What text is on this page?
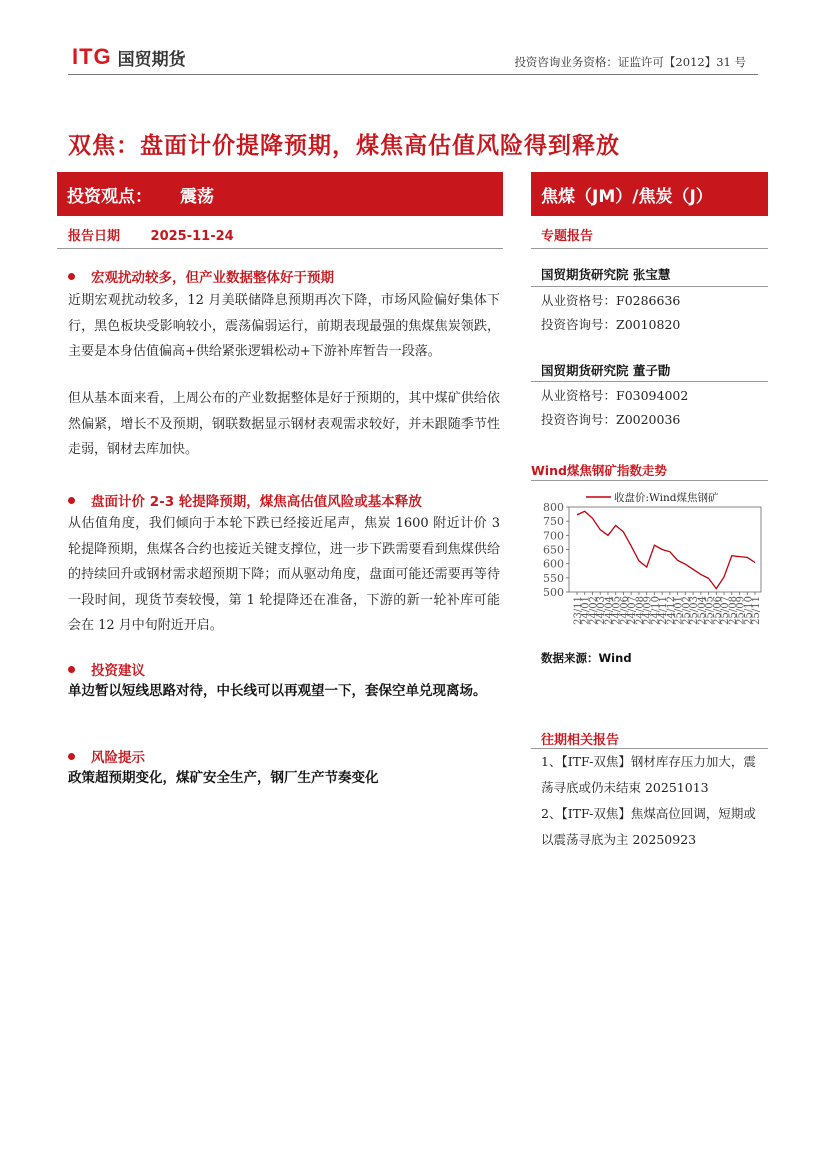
ITG 国贸期货	投资咨询业务资格：证监许可【2012】31 号
双焦：盘面计价提降预期，煤焦高估值风险得到释放
投资观点： 震荡	焦煤（JM）/焦炭（J）
报告日期 2025-11-24	专题报告
宏观扰动较多，但产业数据整体好于预期
近期宏观扰动较多，12 月美联储降息预期再次下降，市场风险偏好集体下行，黑色板块受影响较小，震荡偏弱运行，前期表现最强的焦煤焦炭领跌，主要是本身估值偏高+供给紧张逻辑松动+下游补库暂告一段落。
但从基本面来看，上周公布的产业数据整体是好于预期的，其中煤矿供给依然偏紧，增长不及预期，钢联数据显示钢材表观需求较好，并未跟随季节性走弱，钢材去库加快。
盘面计价 2-3 轮提降预期，煤焦高估值风险或基本释放
从估值角度，我们倾向于本轮下跌已经接近尾声，焦炭 1600 附近计价 3 轮提降预期，焦煤各合约也接近关键支撑位，进一步下跌需要看到焦煤供给的持续回升或钢材需求超预期下降；而从驱动角度，盘面可能还需要再等待一段时间，现货节奏较慢，第 1 轮提降还在准备，下游的新一轮补库可能会在 12 月中旬附近开启。
投资建议
单边暂以短线思路对待，中长线可以再观望一下，套保空单兑现离场。
风险提示
政策超预期变化，煤矿安全生产，钢厂生产节奏变化
国贸期货研究院 张宝慧
从业资格号：F0286636
投资咨询号：Z0010820
国贸期货研究院 董子勖
从业资格号：F03094002
投资咨询号：Z0020036
Wind煤焦钢矿指数走势
500
550
600
650
700
750
800
23/11
24/01
24/02
24/03
24/04
24/05
24/06
24/07
24/08
24/09
24/10
24/11
24/12
25/01
25/02
25/03
25/04
25/05
25/06
25/07
25/08
25/09
25/10
25/11
收盘价:Wind煤焦钢矿
数据来源：Wind
往期相关报告
1、【ITF-双焦】钢材库存压力加大，震荡寻底或仍未结束 20251013
2、【ITF-双焦】焦煤高位回调，短期或以震荡寻底为主 20250923
